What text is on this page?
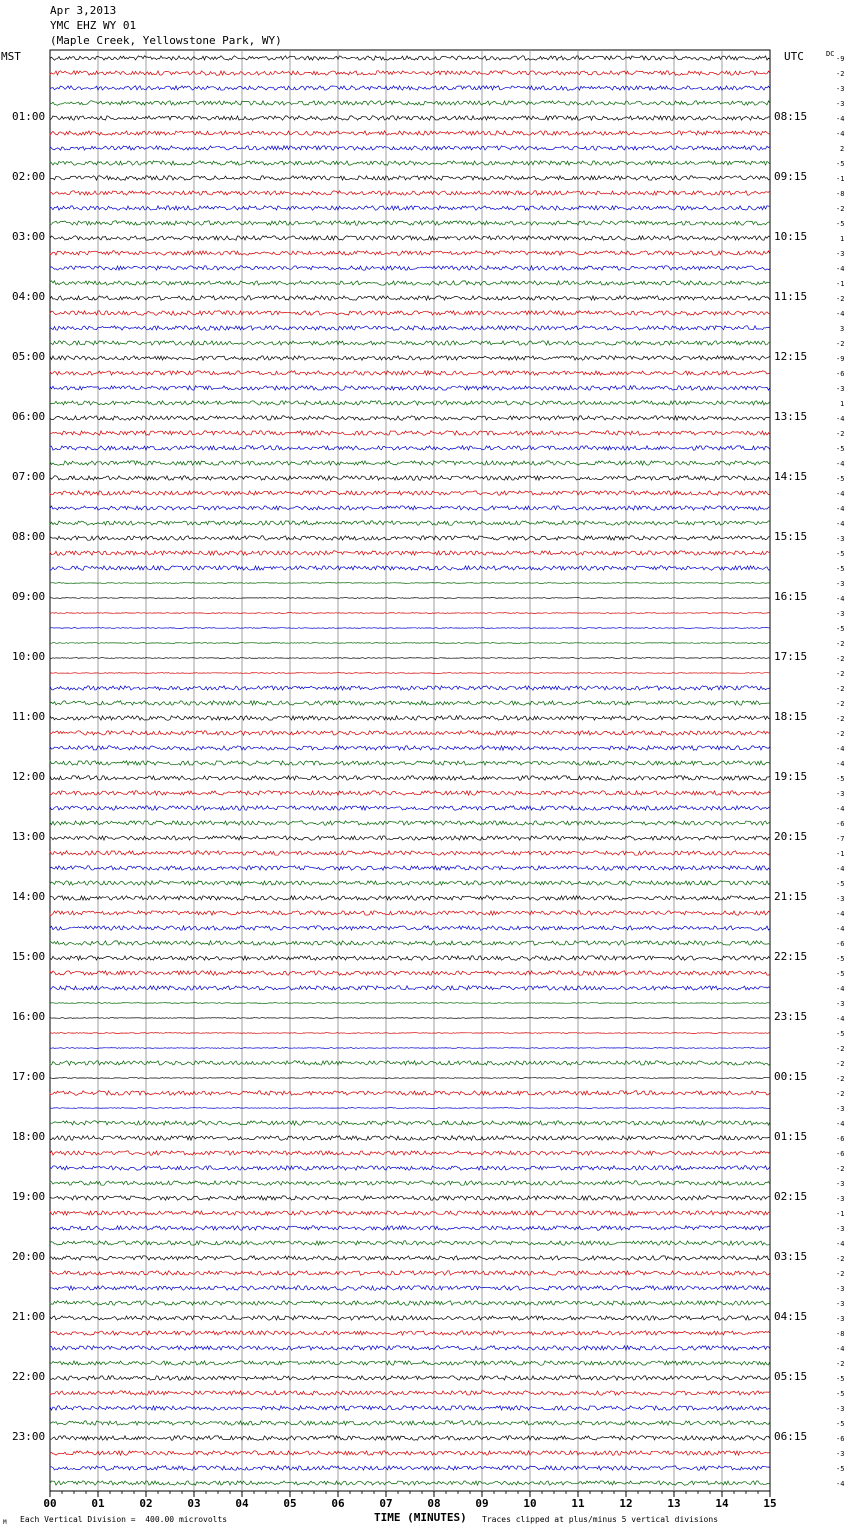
Apr 3,2013
YMC EHZ WY 01
(Maple Creek, Yellowstone Park, WY)
MST	UTC	DC
00	01	02	03	04	05	06	07	08	09	10	11	12	13	14	15
01:00
02:00
03:00
04:00
05:00
06:00
07:00
08:00
09:00
10:00
11:00
12:00
13:00
14:00
15:00
16:00
17:00
18:00
19:00
20:00
21:00
22:00
23:00
08:15
09:15
10:15
11:15
12:15
13:15
14:15
15:15
16:15
17:15
18:15
19:15
20:15
21:15
22:15
23:15
00:15
01:15
02:15
03:15
04:15
05:15
06:15
-9
-2
-3
-3
-4
-4
2
-5
-1
-8
-2
-5
1
-3
-4
-1
-2
-4
3
-2
-9
-6
-3
1
-4
-2
-5
-4
-5
-4
-4
-4
-3
-5
-5
-3
-4
-3
-5
-2
-2
-2
-2
-2
-2
-2
-4
-4
-5
-3
-4
-6
-7
-1
-4
-5
-3
-4
-4
-6
-5
-5
-4
-3
-4
-5
-2
-2
-2
-2
-3
-4
-6
-6
-2
-3
-3
-1
-3
-4
-2
-2
-3
-3
-3
-8
-4
-2
-5
-5
-3
-5
-6
-3
-5
-4
TIME (MINUTES)
M Each Vertical Division =  400.00 microvolts	Traces clipped at plus/minus 5 vertical divisions
